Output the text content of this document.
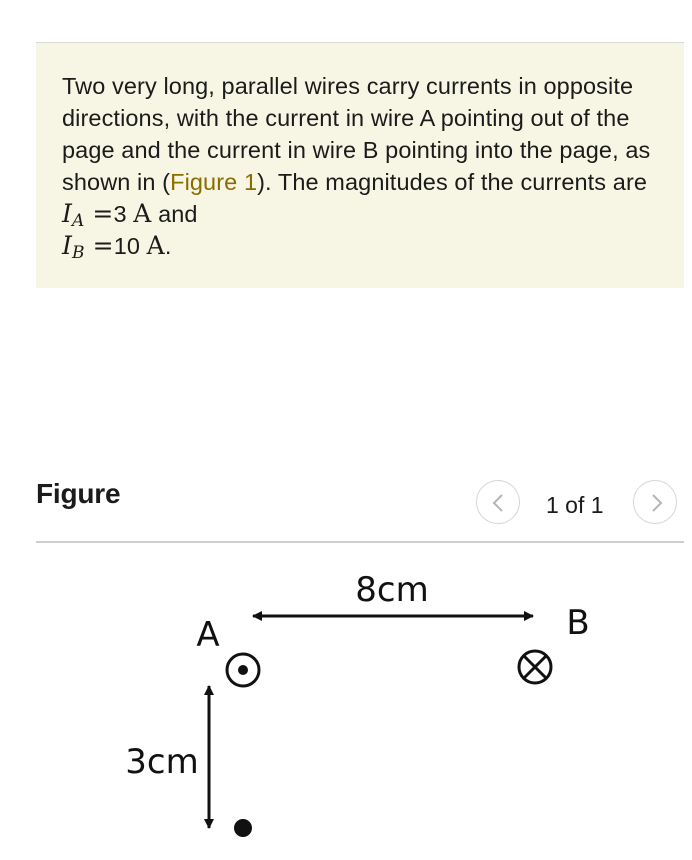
Two very long, parallel wires carry currents in opposite directions, with the current in wire A pointing out of the page and the current in wire B pointing into the page, as shown in (Figure 1). The magnitudes of the currents are $I_A =3$ A and
$I_B =10$ A.
Figure	1 of 1
8cm
A	B
3cm
